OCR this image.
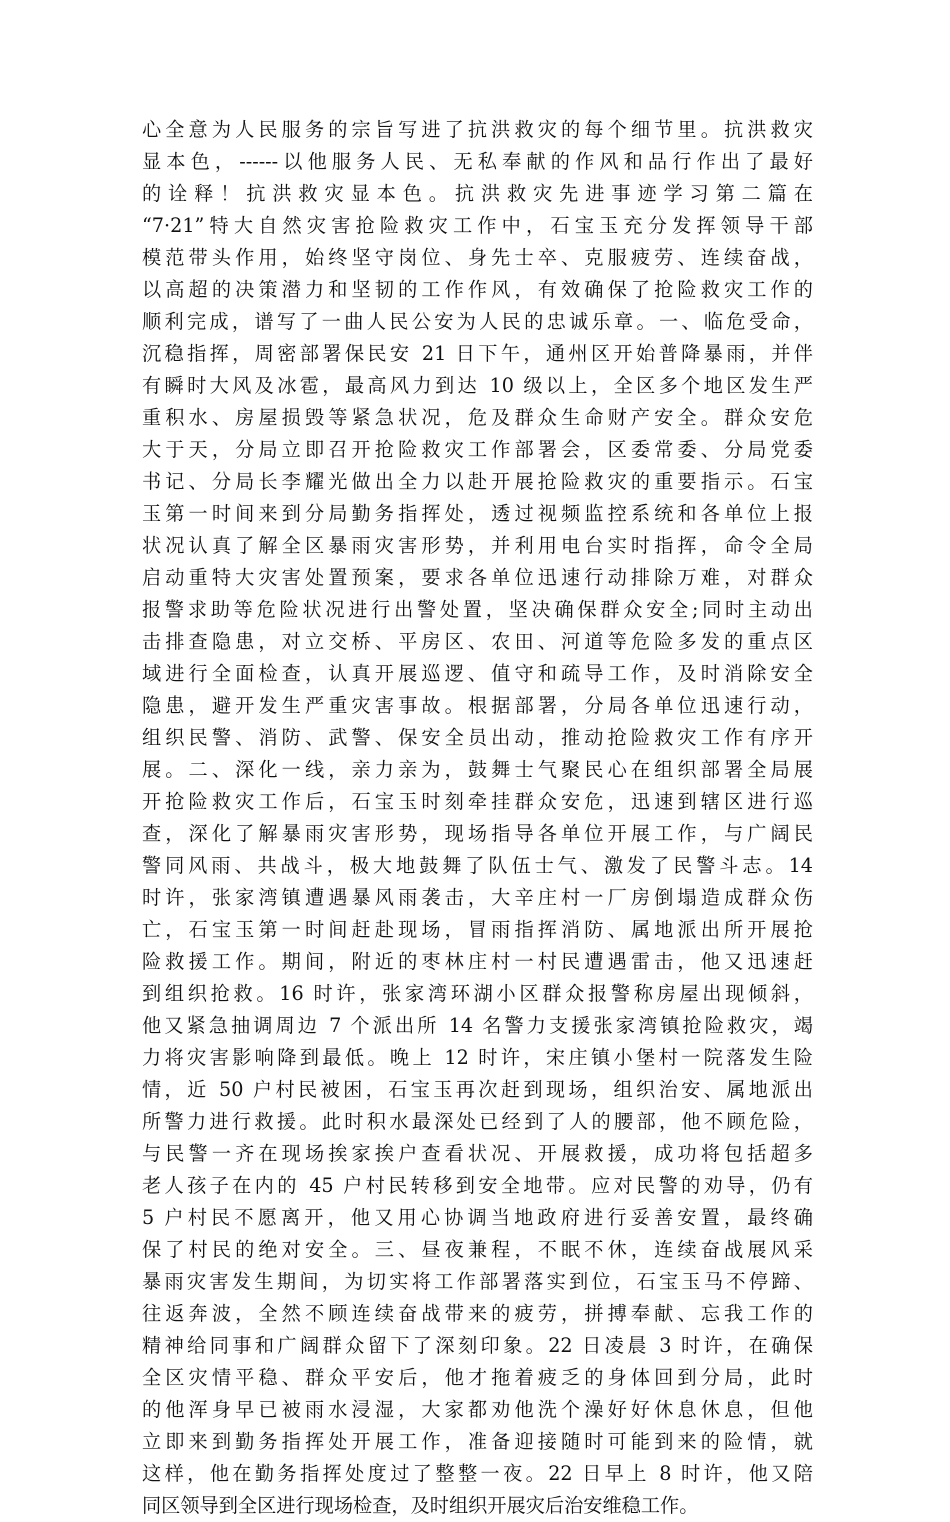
心全意为人民服务的宗旨写进了抗洪救灾的每个细节里。抗洪救灾
显本色，------以他服务人民、无私奉献的作风和品行作出了最好
的诠释！抗洪救灾显本色。抗洪救灾先进事迹学习第二篇在
“7·21”特大自然灾害抢险救灾工作中，石宝玉充分发挥领导干部
模范带头作用，始终坚守岗位、身先士卒、克服疲劳、连续奋战，
以高超的决策潜力和坚韧的工作作风，有效确保了抢险救灾工作的
顺利完成，谱写了一曲人民公安为人民的忠诚乐章。一、临危受命，
沉稳指挥，周密部署保民安 21 日下午，通州区开始普降暴雨，并伴
有瞬时大风及冰雹，最高风力到达 10 级以上，全区多个地区发生严
重积水、房屋损毁等紧急状况，危及群众生命财产安全。群众安危
大于天，分局立即召开抢险救灾工作部署会，区委常委、分局党委
书记、分局长李耀光做出全力以赴开展抢险救灾的重要指示。石宝
玉第一时间来到分局勤务指挥处，透过视频监控系统和各单位上报
状况认真了解全区暴雨灾害形势，并利用电台实时指挥，命令全局
启动重特大灾害处置预案，要求各单位迅速行动排除万难，对群众
报警求助等危险状况进行出警处置，坚决确保群众安全;同时主动出
击排查隐患，对立交桥、平房区、农田、河道等危险多发的重点区
域进行全面检查，认真开展巡逻、值守和疏导工作，及时消除安全
隐患，避开发生严重灾害事故。根据部署，分局各单位迅速行动，
组织民警、消防、武警、保安全员出动，推动抢险救灾工作有序开
展。二、深化一线，亲力亲为，鼓舞士气聚民心在组织部署全局展
开抢险救灾工作后，石宝玉时刻牵挂群众安危，迅速到辖区进行巡
查，深化了解暴雨灾害形势，现场指导各单位开展工作，与广阔民
警同风雨、共战斗，极大地鼓舞了队伍士气、激发了民警斗志。14
时许，张家湾镇遭遇暴风雨袭击，大辛庄村一厂房倒塌造成群众伤
亡，石宝玉第一时间赶赴现场，冒雨指挥消防、属地派出所开展抢
险救援工作。期间，附近的枣林庄村一村民遭遇雷击，他又迅速赶
到组织抢救。16 时许，张家湾环湖小区群众报警称房屋出现倾斜，
他又紧急抽调周边 7 个派出所 14 名警力支援张家湾镇抢险救灾，竭
力将灾害影响降到最低。晚上 12 时许，宋庄镇小堡村一院落发生险
情，近 50 户村民被困，石宝玉再次赶到现场，组织治安、属地派出
所警力进行救援。此时积水最深处已经到了人的腰部，他不顾危险，
与民警一齐在现场挨家挨户查看状况、开展救援，成功将包括超多
老人孩子在内的 45 户村民转移到安全地带。应对民警的劝导，仍有
5 户村民不愿离开，他又用心协调当地政府进行妥善安置，最终确
保了村民的绝对安全。三、昼夜兼程，不眠不休，连续奋战展风采
暴雨灾害发生期间，为切实将工作部署落实到位，石宝玉马不停蹄、
往返奔波，全然不顾连续奋战带来的疲劳，拼搏奉献、忘我工作的
精神给同事和广阔群众留下了深刻印象。22 日凌晨 3 时许，在确保
全区灾情平稳、群众平安后，他才拖着疲乏的身体回到分局，此时
的他浑身早已被雨水浸湿，大家都劝他洗个澡好好休息休息，但他
立即来到勤务指挥处开展工作，准备迎接随时可能到来的险情，就
这样，他在勤务指挥处度过了整整一夜。22 日早上 8 时许，他又陪
同区领导到全区进行现场检查，及时组织开展灾后治安维稳工作。
